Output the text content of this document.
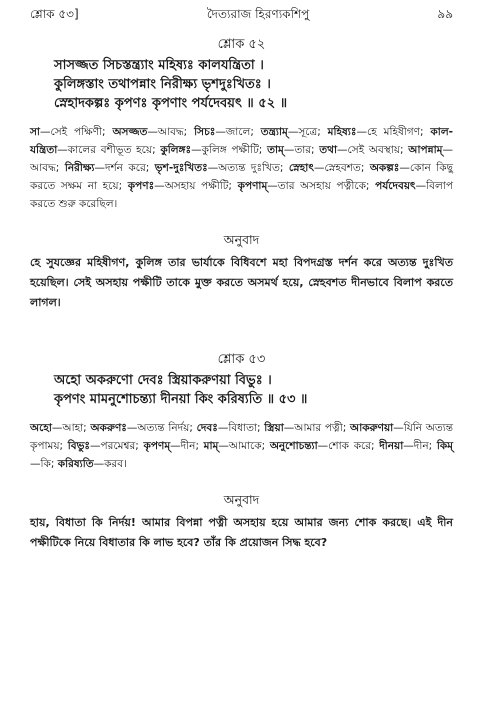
শ্লোক ৫৩]	দৈত্যরাজ হিরণ্যকশিপু	৯৯
শ্লোক ৫২
সাসজ্জত সিচস্তন্ত্র্যাং মহিষ্যঃ কালযন্ত্রিতা ।
কুলিঙ্গস্তাং তথাপন্নাং নিরীক্ষ্য ভৃশদুঃখিতঃ ।
স্নেহাদকল্পঃ কৃপণঃ কৃপণাং পর্যদেবয়ৎ ॥ ৫২ ॥
সা—সেই পক্ষিণী; অসজ্জত—আবদ্ধ; সিচঃ—জালে; তন্ত্র্যাম্—সূত্রে; মহিষ্যঃ—হে মহিষীগণ; কাল-যন্ত্রিতা—কালের বশীভূত হয়ে; কুলিঙ্গঃ—কুলিঙ্গ পক্ষীটি; তাম্—তার; তথা—সেই অবস্থায়; আপন্নাম্—আবদ্ধ; নিরীক্ষ্য—দর্শন করে; ভৃশ-দুঃখিতঃ—অত্যন্ত দুঃখিত; স্নেহাৎ—স্নেহবশত; অকল্পঃ—কোন কিছু করতে সক্ষম না হয়ে; কৃপণঃ—অসহায় পক্ষীটি; কৃপণাম্—তার অসহায় পত্নীকে; পর্যদেবয়ৎ—বিলাপ করতে শুরু করেছিল।
অনুবাদ
হে সুযজ্ঞের মহিষীগণ, কুলিঙ্গ তার ভার্যাকে বিধিবশে মহা বিপদগ্রস্ত দর্শন করে অত্যন্ত দুঃখিত হয়েছিল। সেই অসহায় পক্ষীটি তাকে মুক্ত করতে অসমর্থ হয়ে, স্নেহবশত দীনভাবে বিলাপ করতে লাগল।
শ্লোক ৫৩
অহো অকরুণো দেবঃ স্ত্রিয়াকরুণয়া বিভুঃ ।
কৃপণং মামনুশোচন্ত্যা দীনয়া কিং করিষ্যতি ॥ ৫৩ ॥
অহো—আহা; অকরুণঃ—অত্যন্ত নির্দয়; দেবঃ—বিধাতা; স্ত্রিয়া—আমার পত্নী; আকরুণয়া—যিনি অত্যন্ত কৃপাময়; বিভুঃ—পরমেশ্বর; কৃপণম্—দীন; মাম্—আমাকে; অনুশোচন্ত্যা—শোক করে; দীনয়া—দীন; কিম্—কি; করিষ্যতি—করব।
অনুবাদ
হায়, বিধাতা কি নির্দয়! আমার বিপন্না পত্নী অসহায় হয়ে আমার জন্য শোক করছে। এই দীন পক্ষীটিকে নিয়ে বিধাতার কি লাভ হবে? তাঁর কি প্রয়োজন সিদ্ধ হবে?
